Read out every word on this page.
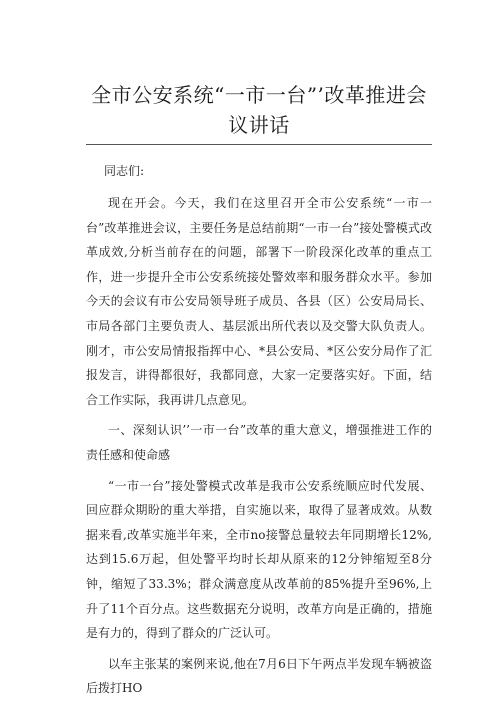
全市公安系统“一市一台”’改革推进会议讲话
同志们:

现在开会。今天，我们在这里召开全市公安系统“一市一台”改革推进会议，主要任务是总结前期“一市一台”接处警模式改革成效,分析当前存在的问题，部署下一阶段深化改革的重点工作，进一步提升全市公安系统接处警效率和服务群众水平。参加今天的会议有市公安局领导班子成员、各县（区）公安局局长、市局各部门主要负责人、基层派出所代表以及交警大队负责人。刚才，市公安局情报指挥中心、*县公安局、*区公安分局作了汇报发言，讲得都很好，我都同意，大家一定要落实好。下面，结合工作实际，我再讲几点意见。

一、深刻认识’’一市一台”改革的重大意义，增强推进工作的责任感和使命感

“一市一台”接处警模式改革是我市公安系统顺应时代发展、回应群众期盼的重大举措，自实施以来，取得了显著成效。从数据来看,改革实施半年来，全市no接警总量较去年同期增长12%,达到15.6万起，但处警平均时长却从原来的12分钟缩短至8分钟，缩短了33.3%；群众满意度从改革前的85%提升至96%,上升了11个百分点。这些数据充分说明，改革方向是正确的，措施是有力的，得到了群众的广泛认可。

以车主张某的案例来说,他在7月6日下午两点半发现车辆被盗后拨打HO
